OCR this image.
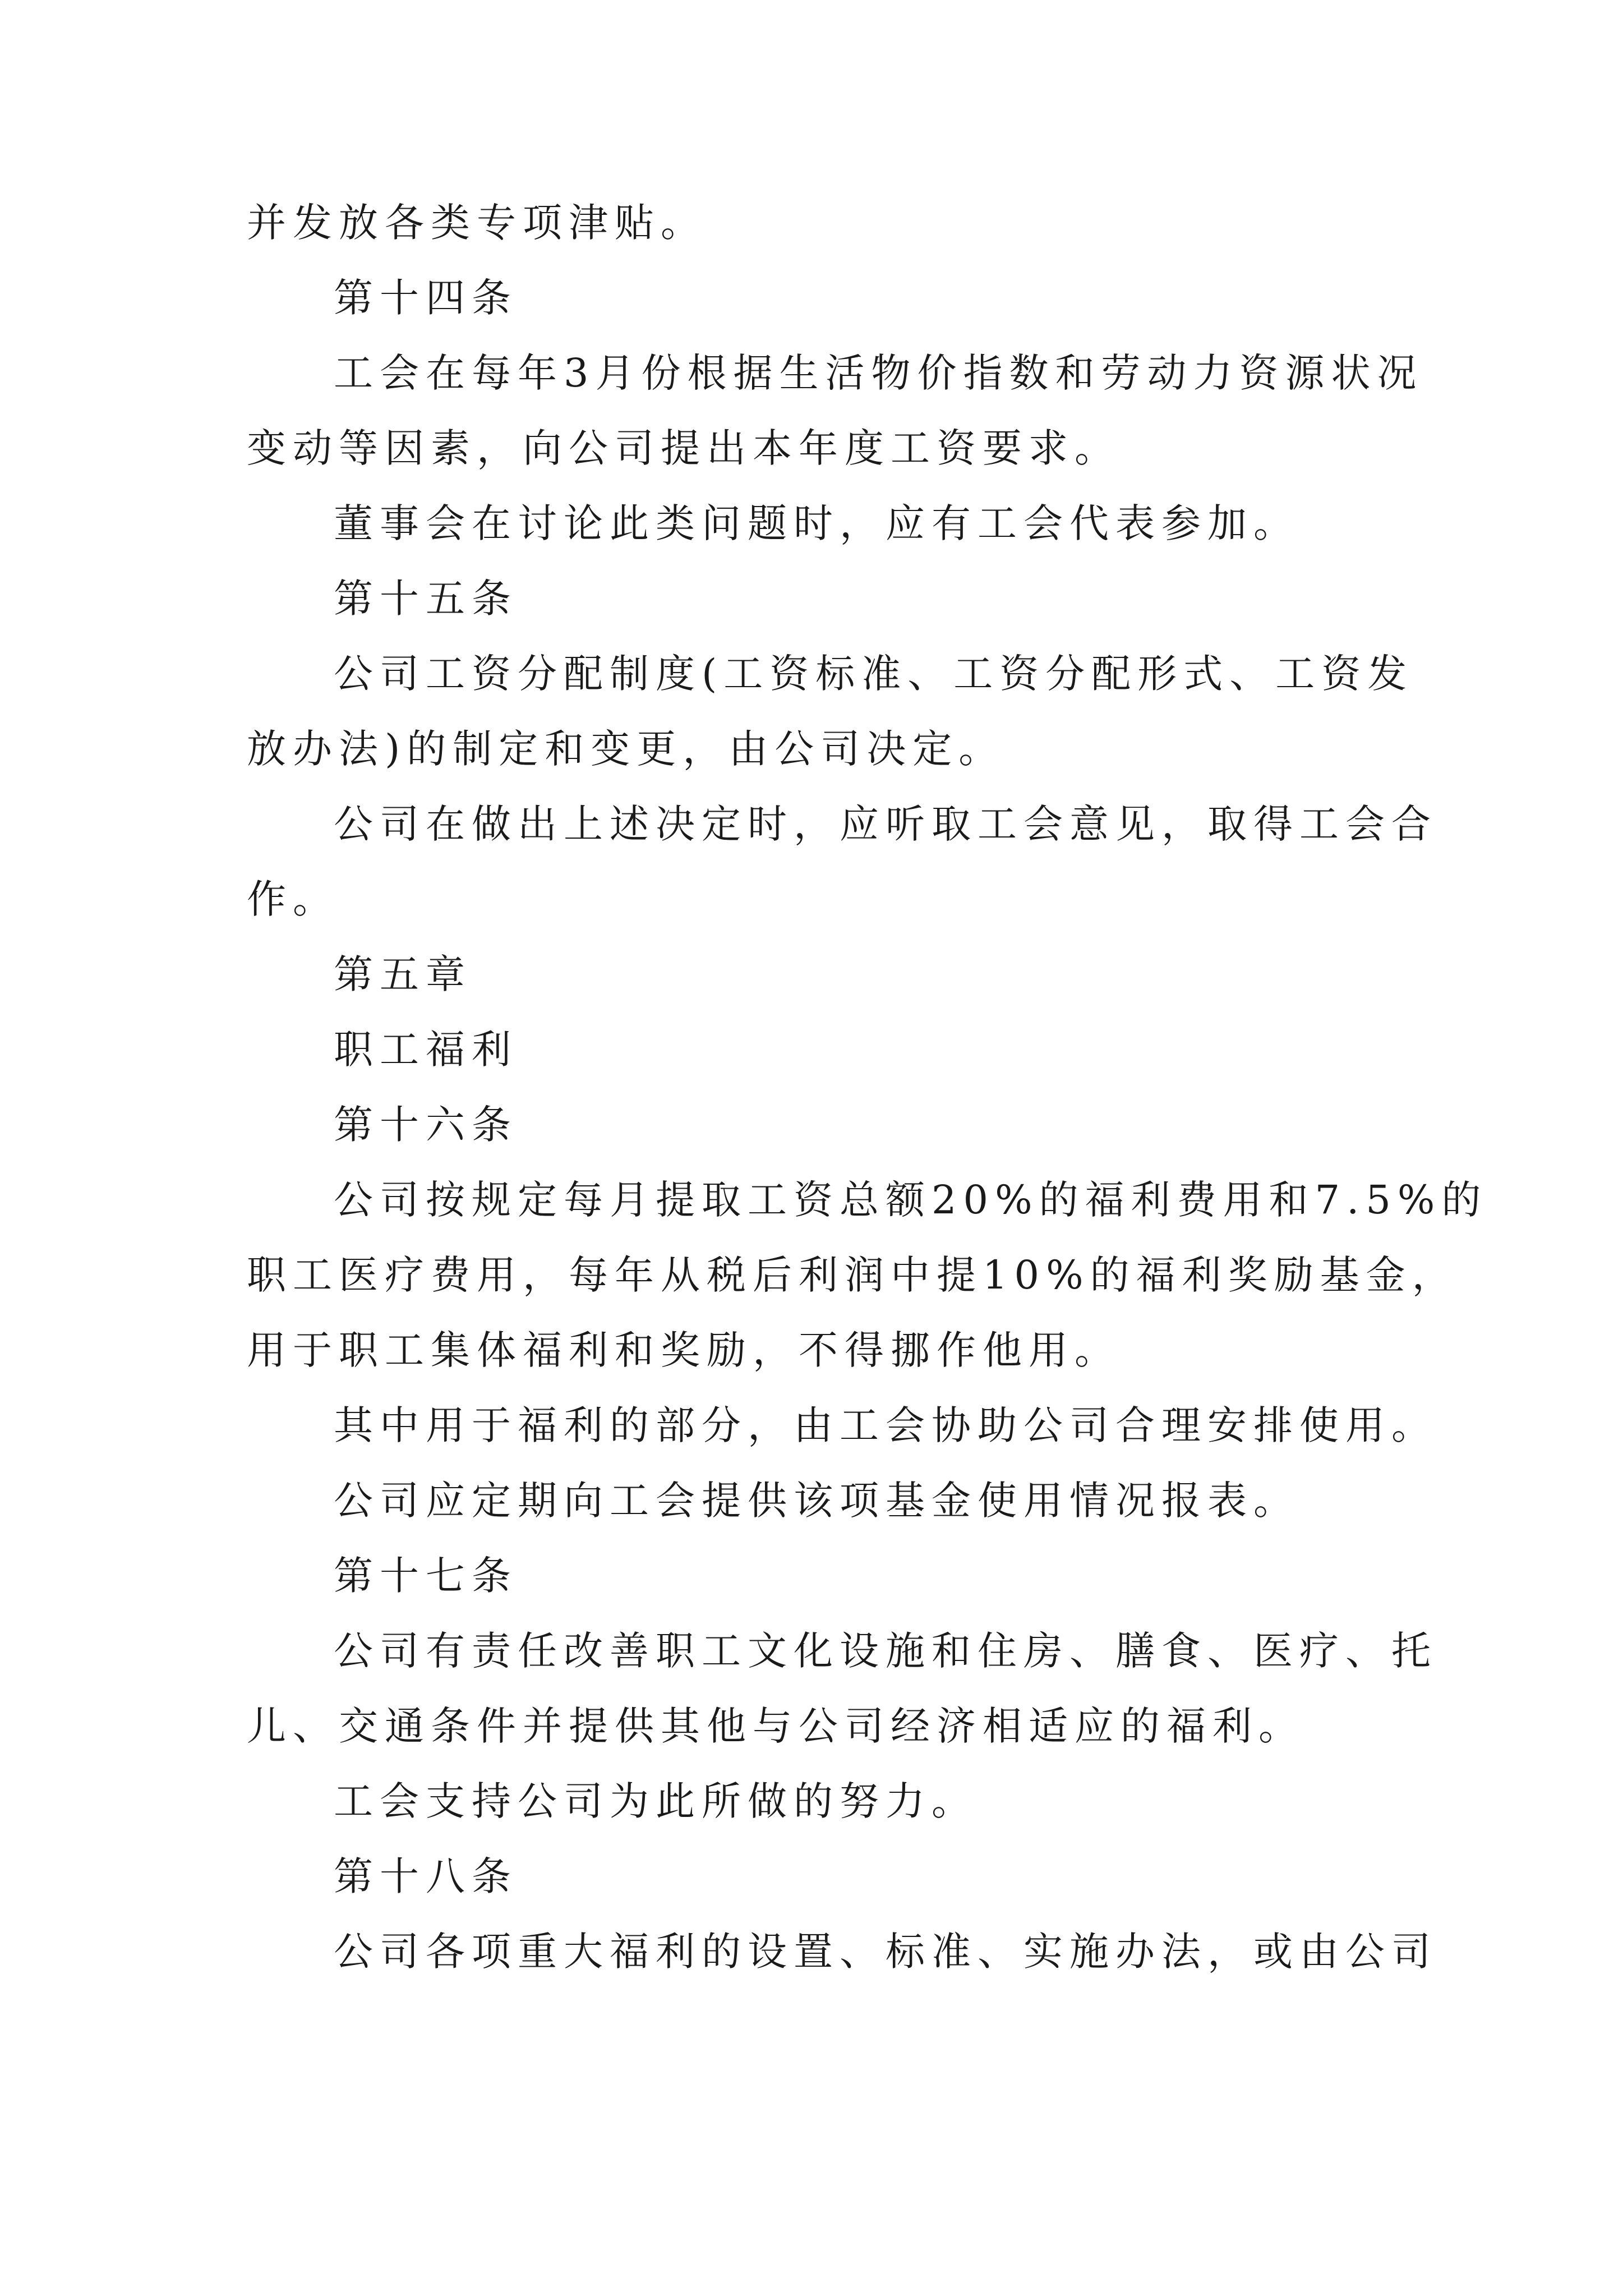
并发放各类专项津贴。
第十四条
工会在每年3月份根据生活物价指数和劳动力资源状况
变动等因素，向公司提出本年度工资要求。
董事会在讨论此类问题时，应有工会代表参加。
第十五条
公司工资分配制度(工资标准、工资分配形式、工资发
放办法)的制定和变更，由公司决定。
公司在做出上述决定时，应听取工会意见，取得工会合
作。
第五章
职工福利
第十六条
公司按规定每月提取工资总额20%的福利费用和7.5%的
职工医疗费用，每年从税后利润中提10%的福利奖励基金，
用于职工集体福利和奖励，不得挪作他用。
其中用于福利的部分，由工会协助公司合理安排使用。
公司应定期向工会提供该项基金使用情况报表。
第十七条
公司有责任改善职工文化设施和住房、膳食、医疗、托
儿、交通条件并提供其他与公司经济相适应的福利。
工会支持公司为此所做的努力。
第十八条
公司各项重大福利的设置、标准、实施办法，或由公司
